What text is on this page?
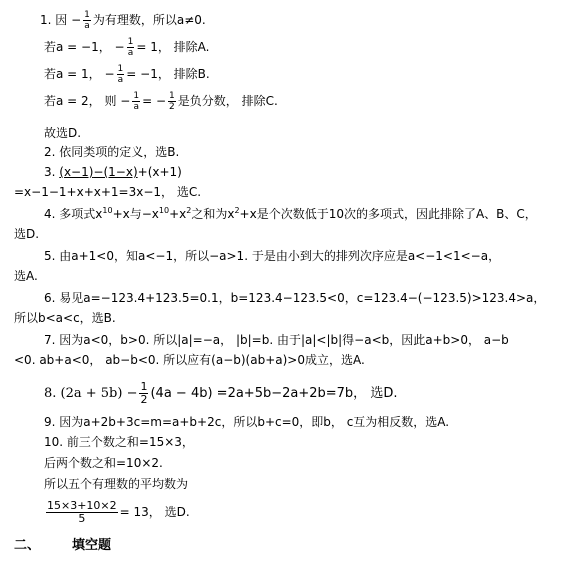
1. 因 − $\frac{1}{a}$ 为有理数，所以a≠0.
若a = −1， − $\frac{1}{a} = 1$， 排除A.
若a = 1， − $\frac{1}{a} = -1$， 排除B.
若a = 2， 则 − $\frac{1}{a}$ = − $\frac{1}{2}$ 是负分数， 排除C.
故选D.
2. 依同类项的定义，选B.
3. (x−1)−(1−x)+(x+1)
=x−1−1+x+x+1=3x−1， 选C.
4. 多项式$x^{10}+x$与$-x^{10}+x^2$之和为$x^2+x$是个次数低于10次的多项式，因此排除了A、B、C，
选D.
5. 由a+1<0，知a<−1，所以−a>1. 于是由小到大的排列次序应是a<−1<1<−a，
选A.
6. 易见a=−123.4+123.5=0.1，b=123.4−123.5<0，c=123.4−(−123.5)>123.4>a，
所以b<a<c，选B.
7. 因为a<0，b>0. 所以|a|=−a， |b|=b. 由于|a|<|b|得−a<b，因此a+b>0， a−b
<0. ab+a<0， ab−b<0. 所以应有(a−b)(ab+a)>0成立，选A.
8. $(2a + 5b) - \frac{1}{2} (4a - 4b) =2a+5b-2a+2b=7b$， 选D.
9. 因为a+2b+3c=m=a+b+2c，所以b+c=0，即b， c互为相反数，选A.
10. 前三个数之和=15×3，
后两个数之和=10×2.
所以五个有理数的平均数为
$\frac{15\times 3+10\times 2}{5} = 13$， 选D.
二、 填空题
